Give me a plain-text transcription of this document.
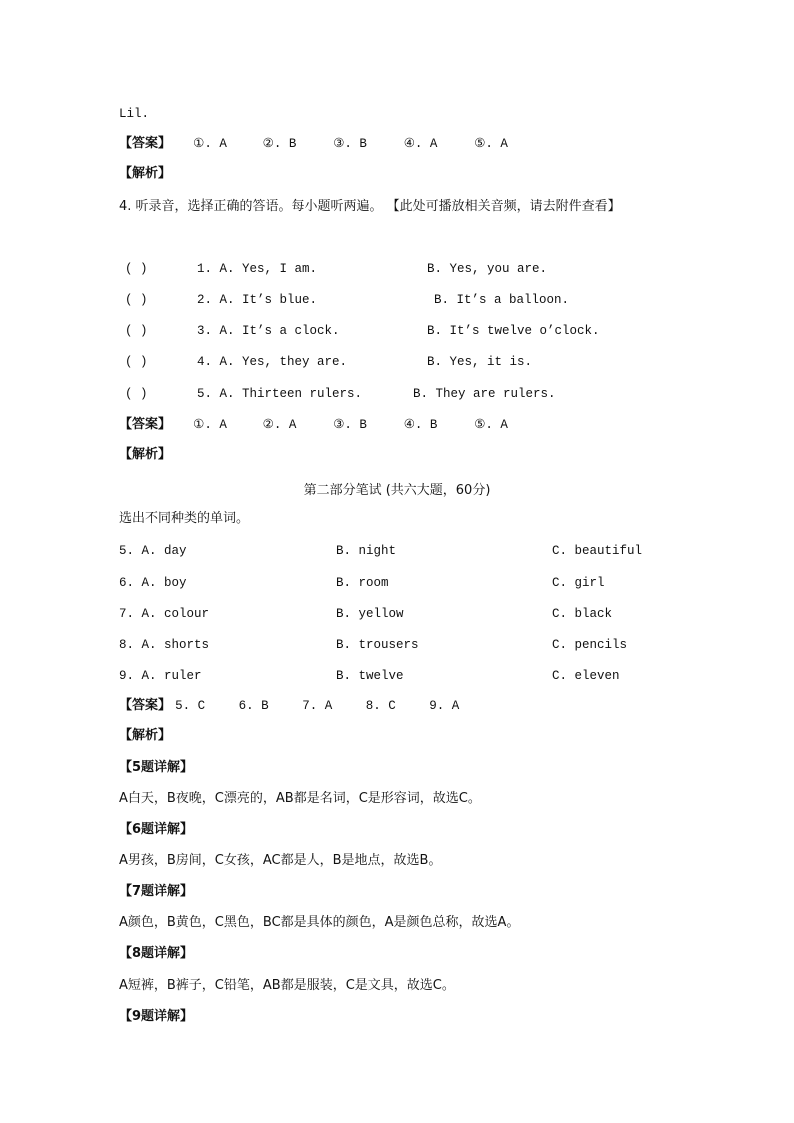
Lil.
【答案】 ①. A	②. B	③. B	④. A	⑤. A
【解析】
4. 听录音，选择正确的答语。每小题听两遍。 【此处可播放相关音频，请去附件查看】
( )	1. A. Yes, I am.	B. Yes, you are.
( )	2. A. It’s blue.	B. It’s a balloon.
( )	3. A. It’s a clock.	B. It’s twelve o’clock.
( )	4. A. Yes, they are.	B. Yes, it is.
( )	5. A. Thirteen rulers.	B. They are rulers.
【答案】 ①. A	②. A	③. B	④. B	⑤. A
【解析】
第二部分笔试 (共六大题，60分)
选出不同种类的单词。
5. A. day	B. night	C. beautiful
6. A. boy	B. room	C. girl
7. A. colour	B. yellow	C. black
8. A. shorts	B. trousers	C. pencils
9. A. ruler	B. twelve	C. eleven
【答案】 5. C	6. B	7. A	8. C	9. A
【解析】
【5题详解】
A白天，B夜晚，C漂亮的，AB都是名词，C是形容词，故选C。
【6题详解】
A男孩，B房间，C女孩，AC都是人，B是地点，故选B。
【7题详解】
A颜色，B黄色，C黑色，BC都是具体的颜色，A是颜色总称，故选A。
【8题详解】
A短裤，B裤子，C铅笔，AB都是服装，C是文具，故选C。
【9题详解】
